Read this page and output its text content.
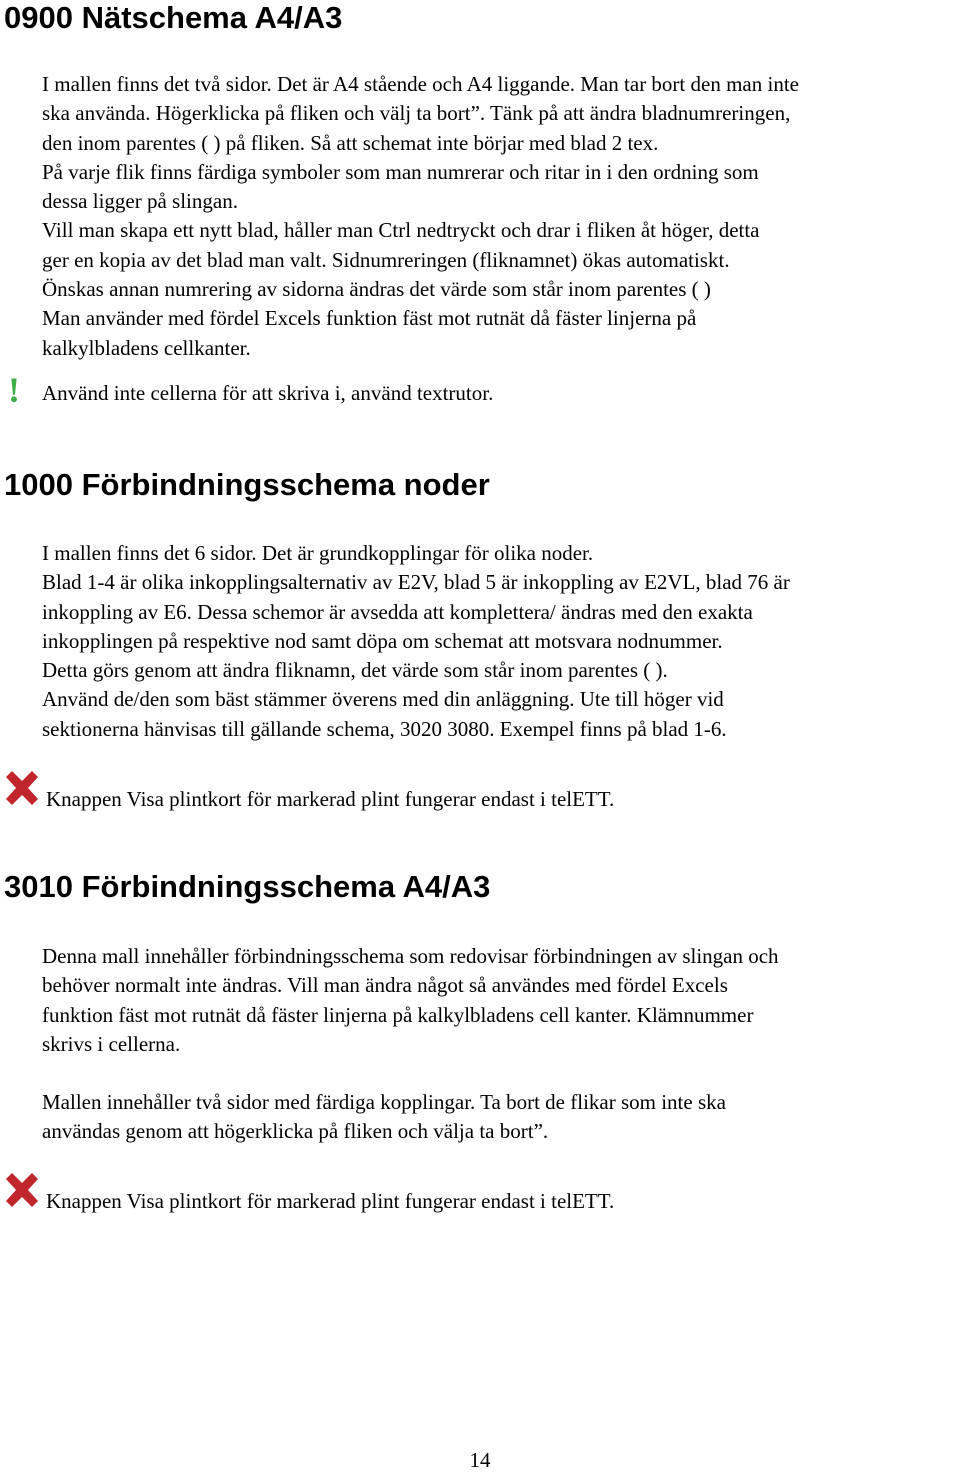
0900 Nätschema A4/A3
I mallen finns det två sidor. Det är A4 stående och A4 liggande. Man tar bort den man inte
ska använda. Högerklicka på fliken och välj ta bort”. Tänk på att ändra bladnumreringen,
den inom parentes ( ) på fliken. Så att schemat inte börjar med blad 2 tex.
På varje flik finns färdiga symboler som man numrerar och ritar in i den ordning som
dessa ligger på slingan.
Vill man skapa ett nytt blad, håller man Ctrl nedtryckt och drar i fliken åt höger, detta
ger en kopia av det blad man valt. Sidnumreringen (fliknamnet) ökas automatiskt.
Önskas annan numrering av sidorna ändras det värde som står inom parentes ( )
Man använder med fördel Excels funktion fäst mot rutnät då fäster linjerna på
kalkylbladens cellkanter.
! Använd inte cellerna för att skriva i, använd textrutor.
1000 Förbindningsschema noder
I mallen finns det 6 sidor. Det är grundkopplingar för olika noder.
Blad 1-4 är olika inkopplingsalternativ av E2V, blad 5 är inkoppling av E2VL, blad 76 är
inkoppling av E6. Dessa schemor är avsedda att komplettera/ ändras med den exakta
inkopplingen på respektive nod samt döpa om schemat att motsvara nodnummer.
Detta görs genom att ändra fliknamn, det värde som står inom parentes ( ).
Använd de/den som bäst stämmer överens med din anläggning. Ute till höger vid
sektionerna hänvisas till gällande schema, 3020 3080. Exempel finns på blad 1-6.
Knappen Visa plintkort för markerad plint fungerar endast i telETT.
3010 Förbindningsschema A4/A3
Denna mall innehåller förbindningsschema som redovisar förbindningen av slingan och
behöver normalt inte ändras. Vill man ändra något så användes med fördel Excels
funktion fäst mot rutnät då fäster linjerna på kalkylbladens cell kanter. Klämnummer
skrivs i cellerna.
Mallen innehåller två sidor med färdiga kopplingar. Ta bort de flikar som inte ska
användas genom att högerklicka på fliken och välja ta bort”.
Knappen Visa plintkort för markerad plint fungerar endast i telETT.
14
